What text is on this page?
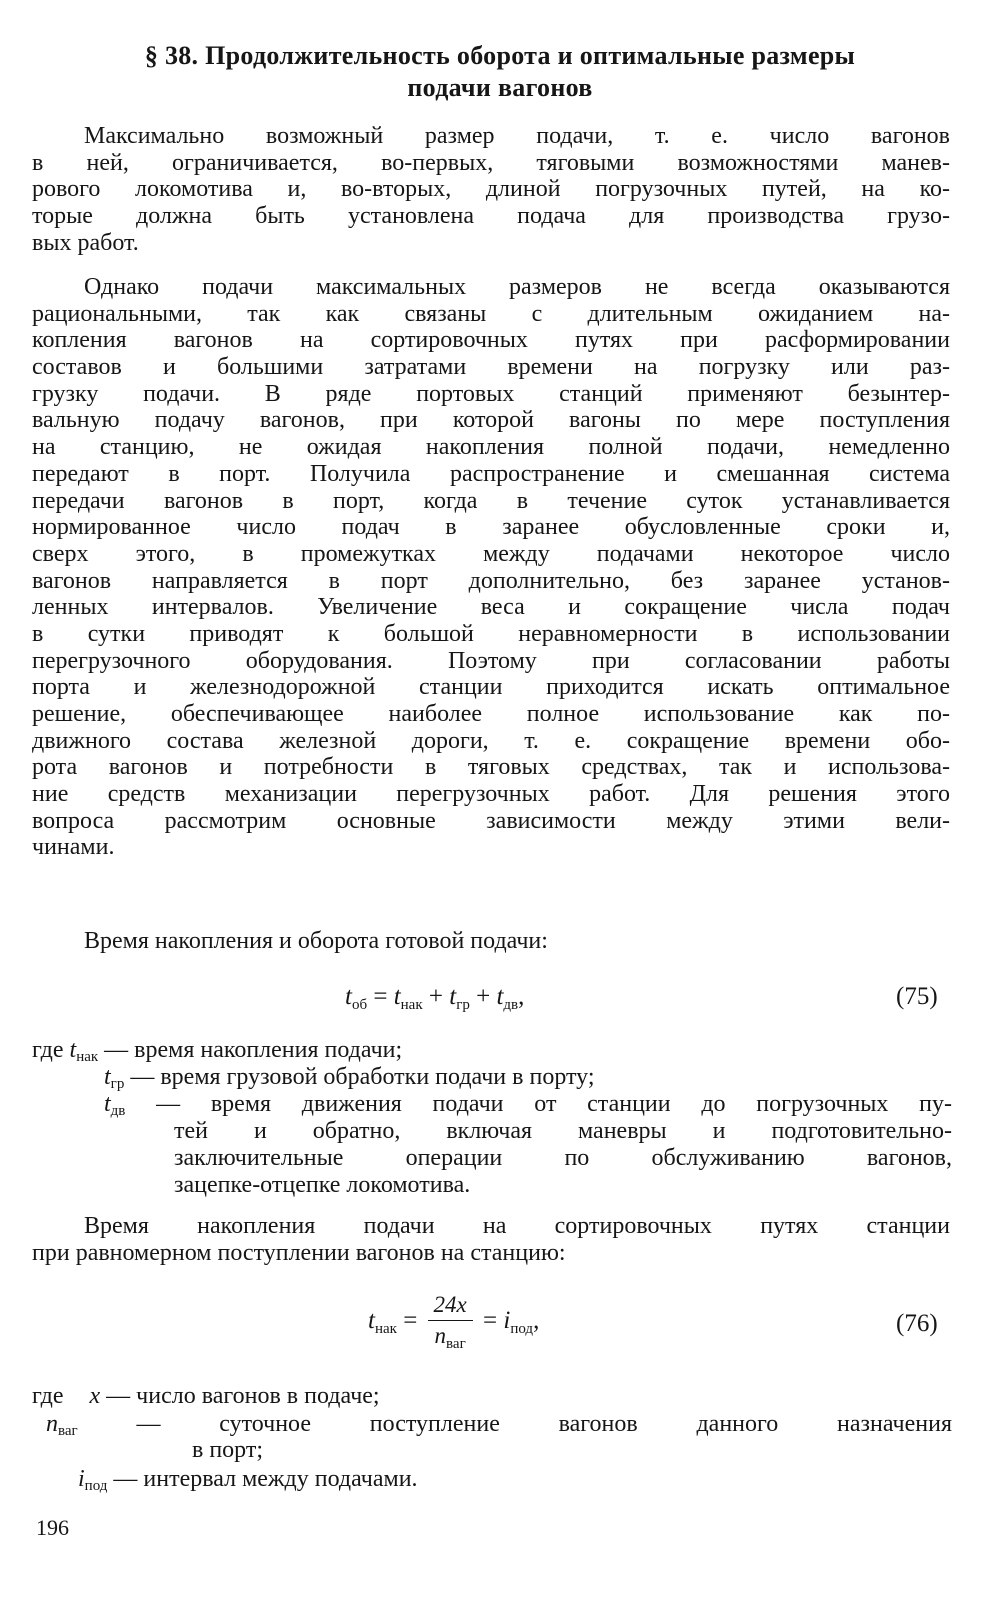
§ 38. Продолжительность оборота и оптимальные размеры
подачи вагонов
Максимально возможный размер подачи, т. е. число вагонов
в ней, ограничивается, во-первых, тяговыми возможностями манев-
рового локомотива и, во-вторых, длиной погрузочных путей, на ко-
торые должна быть установлена подача для производства грузо-
вых работ.
Однако подачи максимальных размеров не всегда оказываются
рациональными, так как связаны с длительным ожиданием на-
копления вагонов на сортировочных путях при расформировании
составов и большими затратами времени на погрузку или раз-
грузку подачи. В ряде портовых станций применяют безынтер-
вальную подачу вагонов, при которой вагоны по мере поступления
на станцию, не ожидая накопления полной подачи, немедленно
передают в порт. Получила распространение и смешанная система
передачи вагонов в порт, когда в течение суток устанавливается
нормированное число подач в заранее обусловленные сроки и,
сверх этого, в промежутках между подачами некоторое число
вагонов направляется в порт дополнительно, без заранее установ-
ленных интервалов. Увеличение веса и сокращение числа подач
в сутки приводят к большой неравномерности в использовании
перегрузочного оборудования. Поэтому при согласовании работы
порта и железнодорожной станции приходится искать оптимальное
решение, обеспечивающее наиболее полное использование как по-
движного состава железной дороги, т. е. сокращение времени обо-
рота вагонов и потребности в тяговых средствах, так и использова-
ние средств механизации перегрузочных работ. Для решения этого
вопроса рассмотрим основные зависимости между этими вели-
чинами.
Время накопления и оборота готовой подачи:
$t_{об} = t_{нак} + t_{гр} + t_{дв}$,	(75)
где $t_{нак}$ — время накопления подачи;
$t_{гр}$ — время грузовой обработки подачи в порту;
$t_{дв}$ — время движения подачи от станции до погрузочных пу-
тей и обратно, включая маневры и подготовительно-
заключительные операции по обслуживанию вагонов,
зацепке-отцепке локомотива.
Время накопления подачи на сортировочных путях станции
при равномерном поступлении вагонов на станцию:
$t_{нак} = \frac{24x}{n_{ваг}} = i_{под}$,	(76)
где x — число вагонов в подаче;
$n_{ваг}$ — суточное поступление вагонов данного назначения
в порт;
$i_{под}$ — интервал между подачами.
196
